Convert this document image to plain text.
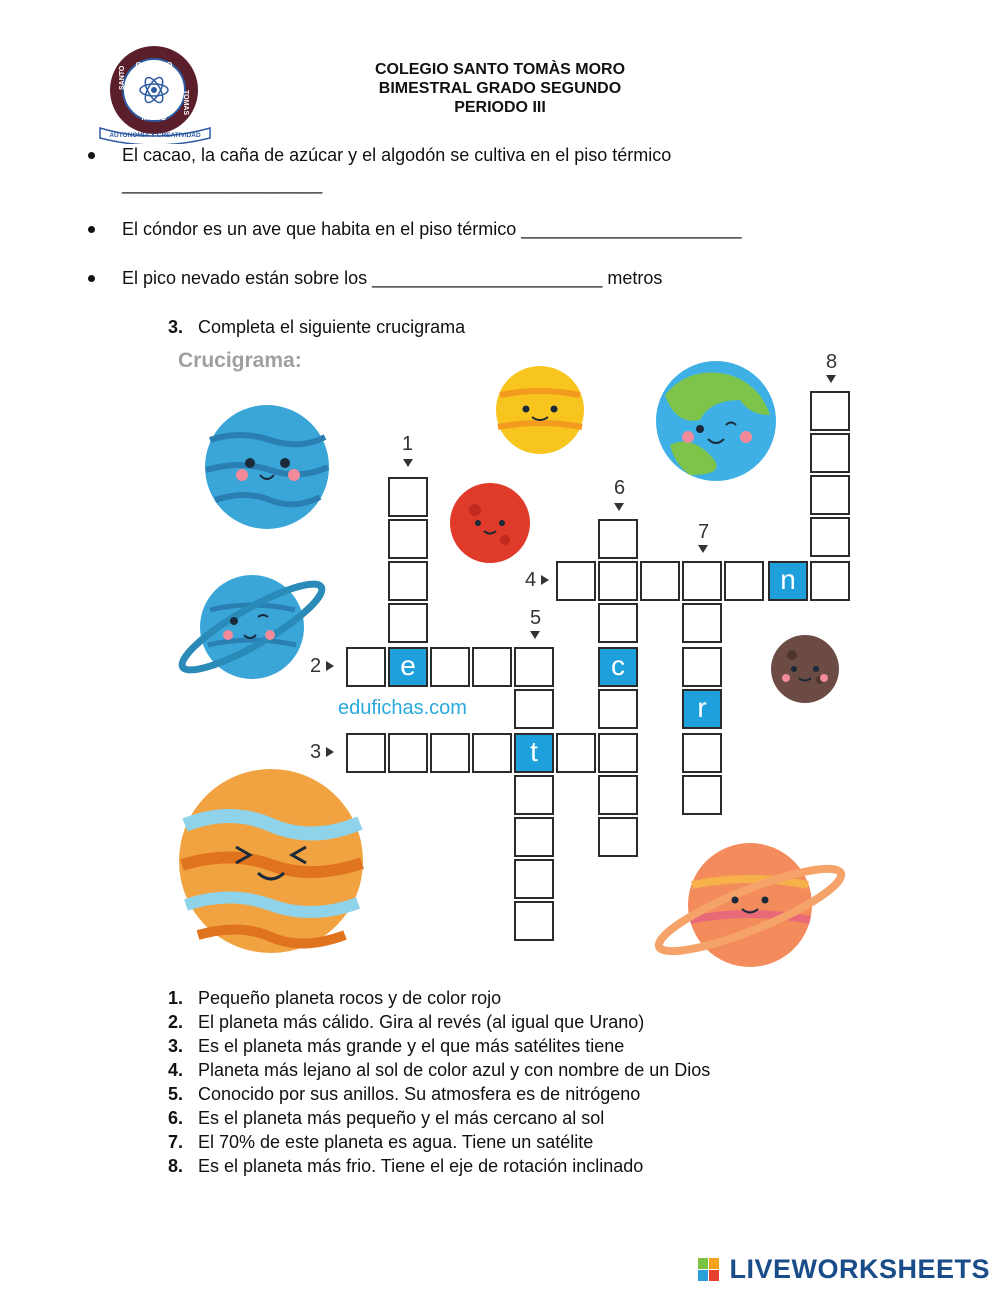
COLEGIO
SANTO
TOMAS
MORO
AUTONOMIA Y CREATIVIDAD
COLEGIO SANTO TOMÀS MORO
BIMESTRAL GRADO SEGUNDO
PERIODO III
El cacao, la caña de azúcar y el algodón se cultiva en el piso térmico
____________________
El cóndor es un ave que habita en el piso térmico ______________________
El pico nevado están sobre los _______________________ metros
3. Completa el siguiente crucigrama
Crucigrama:
edufichas.com
e
t
c
n
r
1
2
3
4
5
6
7
8
1. Pequeño planeta rocos y de color rojo
2. El planeta más cálido. Gira al revés (al igual que Urano)
3. Es el planeta más grande y el que más satélites tiene
4. Planeta más lejano al sol de color azul y con nombre de un Dios
5. Conocido por sus anillos. Su atmosfera es de nitrógeno
6. Es el planeta más pequeño y el más cercano al sol
7. El 70% de este planeta es agua. Tiene un satélite
8. Es el planeta más frio. Tiene el eje de rotación inclinado
LIVEWORKSHEETS
